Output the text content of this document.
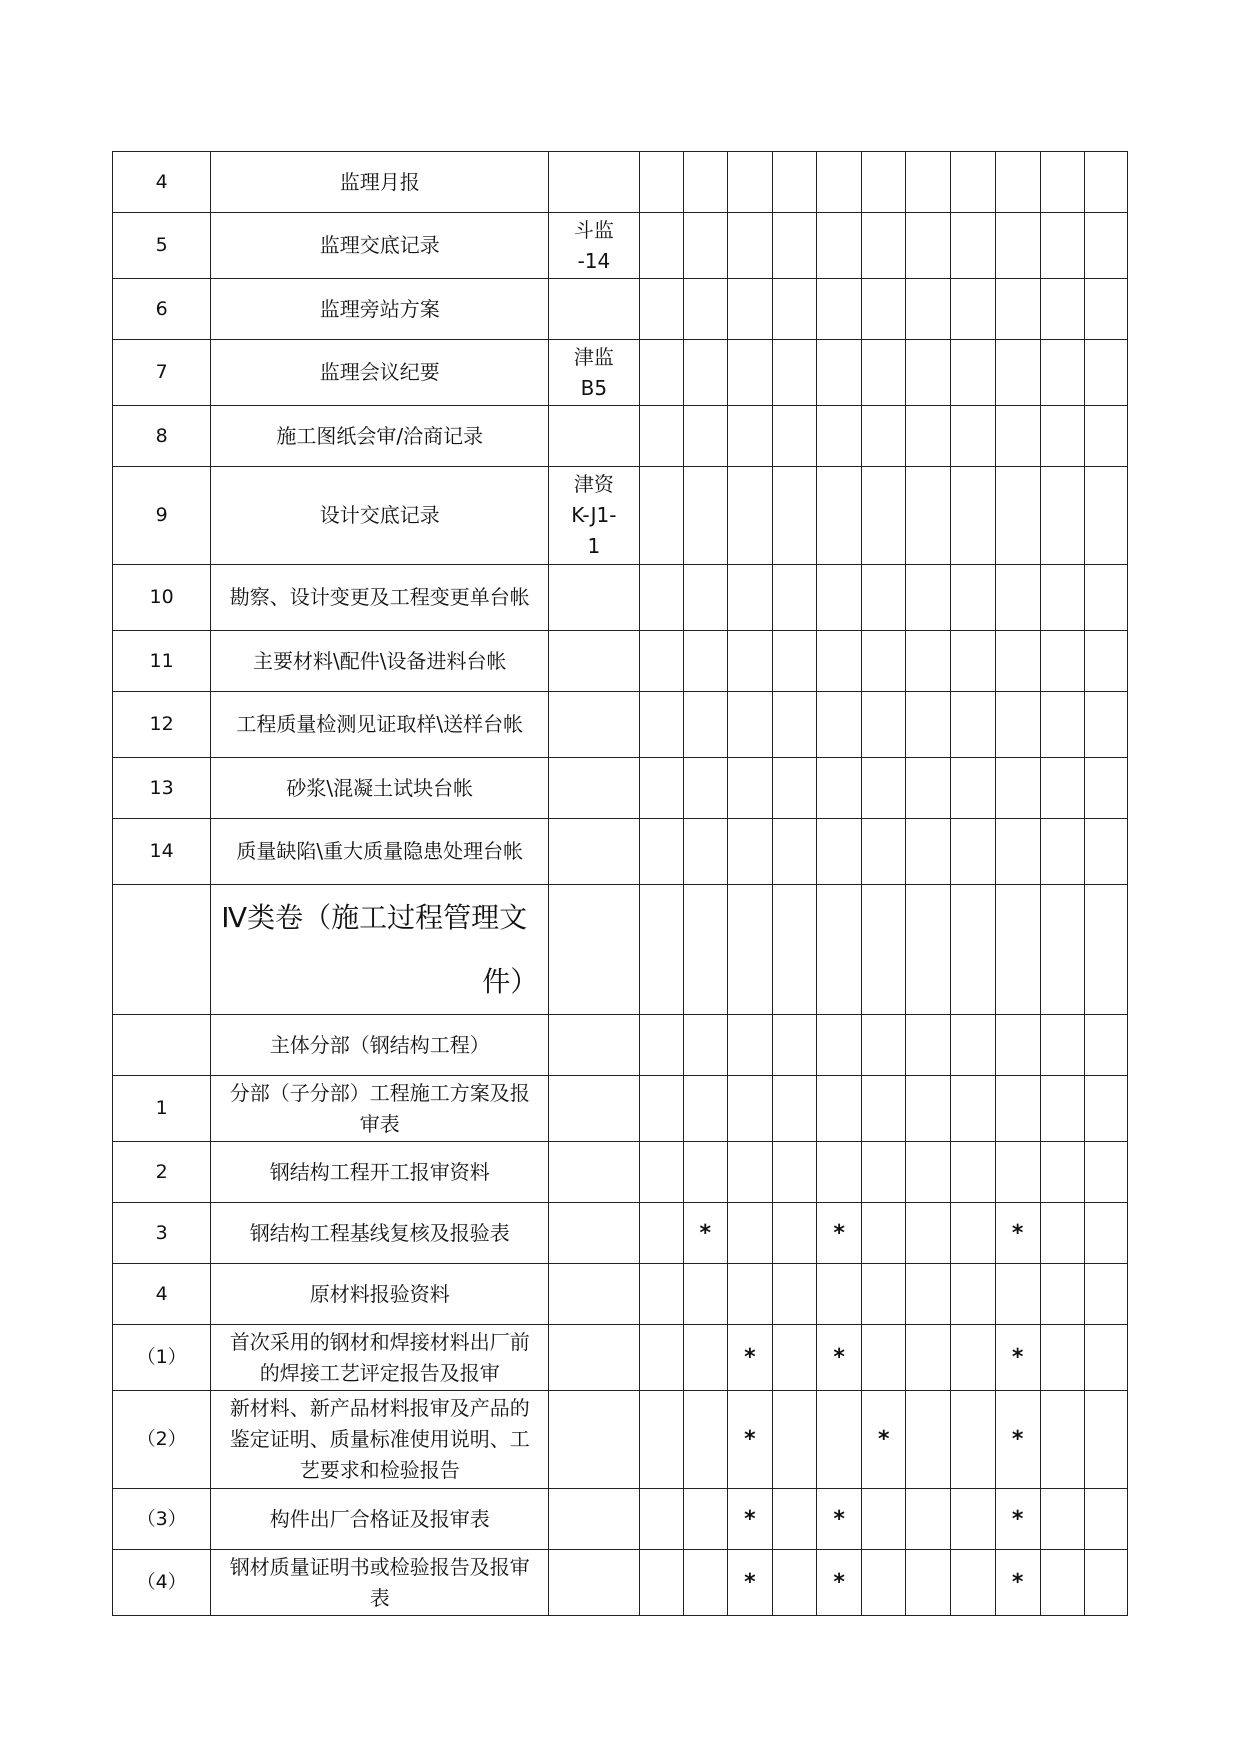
4	监理月报												
5	监理交底记录	斗监
-14											

6	监理旁站方案												
7	监理会议纪要	津监
B5											

8	施工图纸会审/洽商记录												
9	设计交底记录	津资
K-J1-
1											

10	勘察、设计变更及工程变更单台帐												
11	主要材料\配件\设备进料台帐												
12	工程质量检测见证取样\送样台帐												
13	砂浆\混凝土试块台帐												
14	质量缺陷\重大质量隐患处理台帐												

	Ⅳ类卷（施工过程管理文
件）												

	主体分部（钢结构工程）												
1	分部（子分部）工程施工方案及报审表												
2	钢结构工程开工报审资料												
3	钢结构工程基线复核及报验表			*			*				*		
4	原材料报验资料												
（1）	首次采用的钢材和焊接材料出厂前的焊接工艺评定报告及报审				*		*				*		
（2）	新材料、新产品材料报审及产品的鉴定证明、质量标准使用说明、工艺要求和检验报告				*			*			*		
（3）	构件出厂合格证及报审表				*		*				*		
（4）	钢材质量证明书或检验报告及报审表				*		*				*		
